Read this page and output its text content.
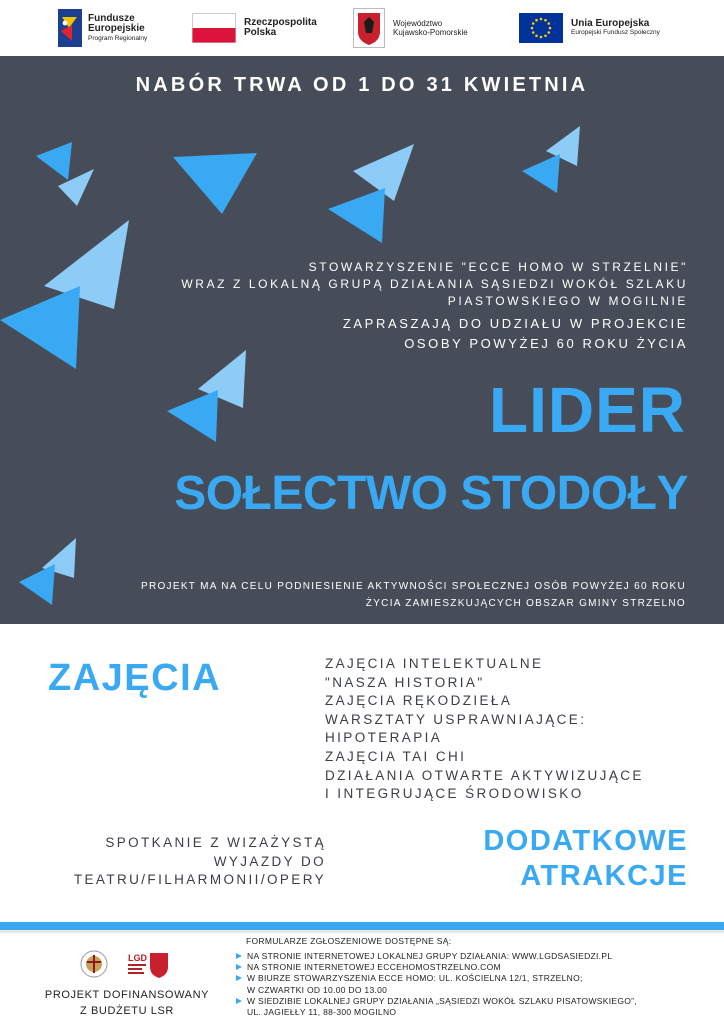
Fundusze
Europejskie
Program Regionalny
Rzeczpospolita
Polska
Województwo
Kujawsko-Pomorskie
Unia Europejska
Europejski Fundusz Społeczny
NABÓR TRWA OD 1 DO 31 KWIETNIA
STOWARZYSZENIE "ECCE HOMO W STRZELNIE"
WRAZ Z LOKALNĄ GRUPĄ DZIAŁANIA SĄSIEDZI WOKÓŁ SZLAKU
PIASTOWSKIEGO W MOGILNIE
ZAPRASZAJĄ DO UDZIAŁU W PROJEKCIE
OSOBY POWYŻEJ 60 ROKU ŻYCIA
LIDER
SOŁECTWO STODOŁY
PROJEKT MA NA CELU PODNIESIENIE AKTYWNOŚCI SPOŁECZNEJ OSÓB POWYŻEJ 60 ROKU
ŻYCIA ZAMIESZKUJĄCYCH OBSZAR GMINY STRZELNO
ZAJĘCIA	ZAJĘCIA INTELEKTUALNE
"NASZA HISTORIA"
ZAJĘCIA RĘKODZIEŁA
WARSZTATY USPRAWNIAJĄCE:
HIPOTERAPIA
ZAJĘCIA TAI CHI
DZIAŁANIA OTWARTE AKTYWIZUJĄCE
I INTEGRUJĄCE ŚRODOWISKO
SPOTKANIE Z WIZAŻYSTĄ
WYJAZDY DO
TEATRU/FILHARMONII/OPERY
DODATKOWE
ATRAKCJE
LGD
PROJEKT DOFINANSOWANY
Z BUDŻETU LSR
FORMULARZE ZGŁOSZENIOWE DOSTĘPNE SĄ:
NA STRONIE INTERNETOWEJ LOKALNEJ GRUPY DZIAŁANIA: WWW.LGDSASIEDZI.PL
NA STRONIE INTERNETOWEJ ECCEHOMOSTRZELNO.COM
W BIURZE STOWARZYSZENIA ECCE HOMO: UL. KOŚCIELNA 12/1, STRZELNO;
W CZWARTKI OD 10.00 DO 13.00
W SIEDZIBIE LOKALNEJ GRUPY DZIAŁANIA „SĄSIEDZI WOKÓŁ SZLAKU PISATOWSKIEGO”,
UL. JAGIEŁŁY 11, 88-300 MOGILNO
